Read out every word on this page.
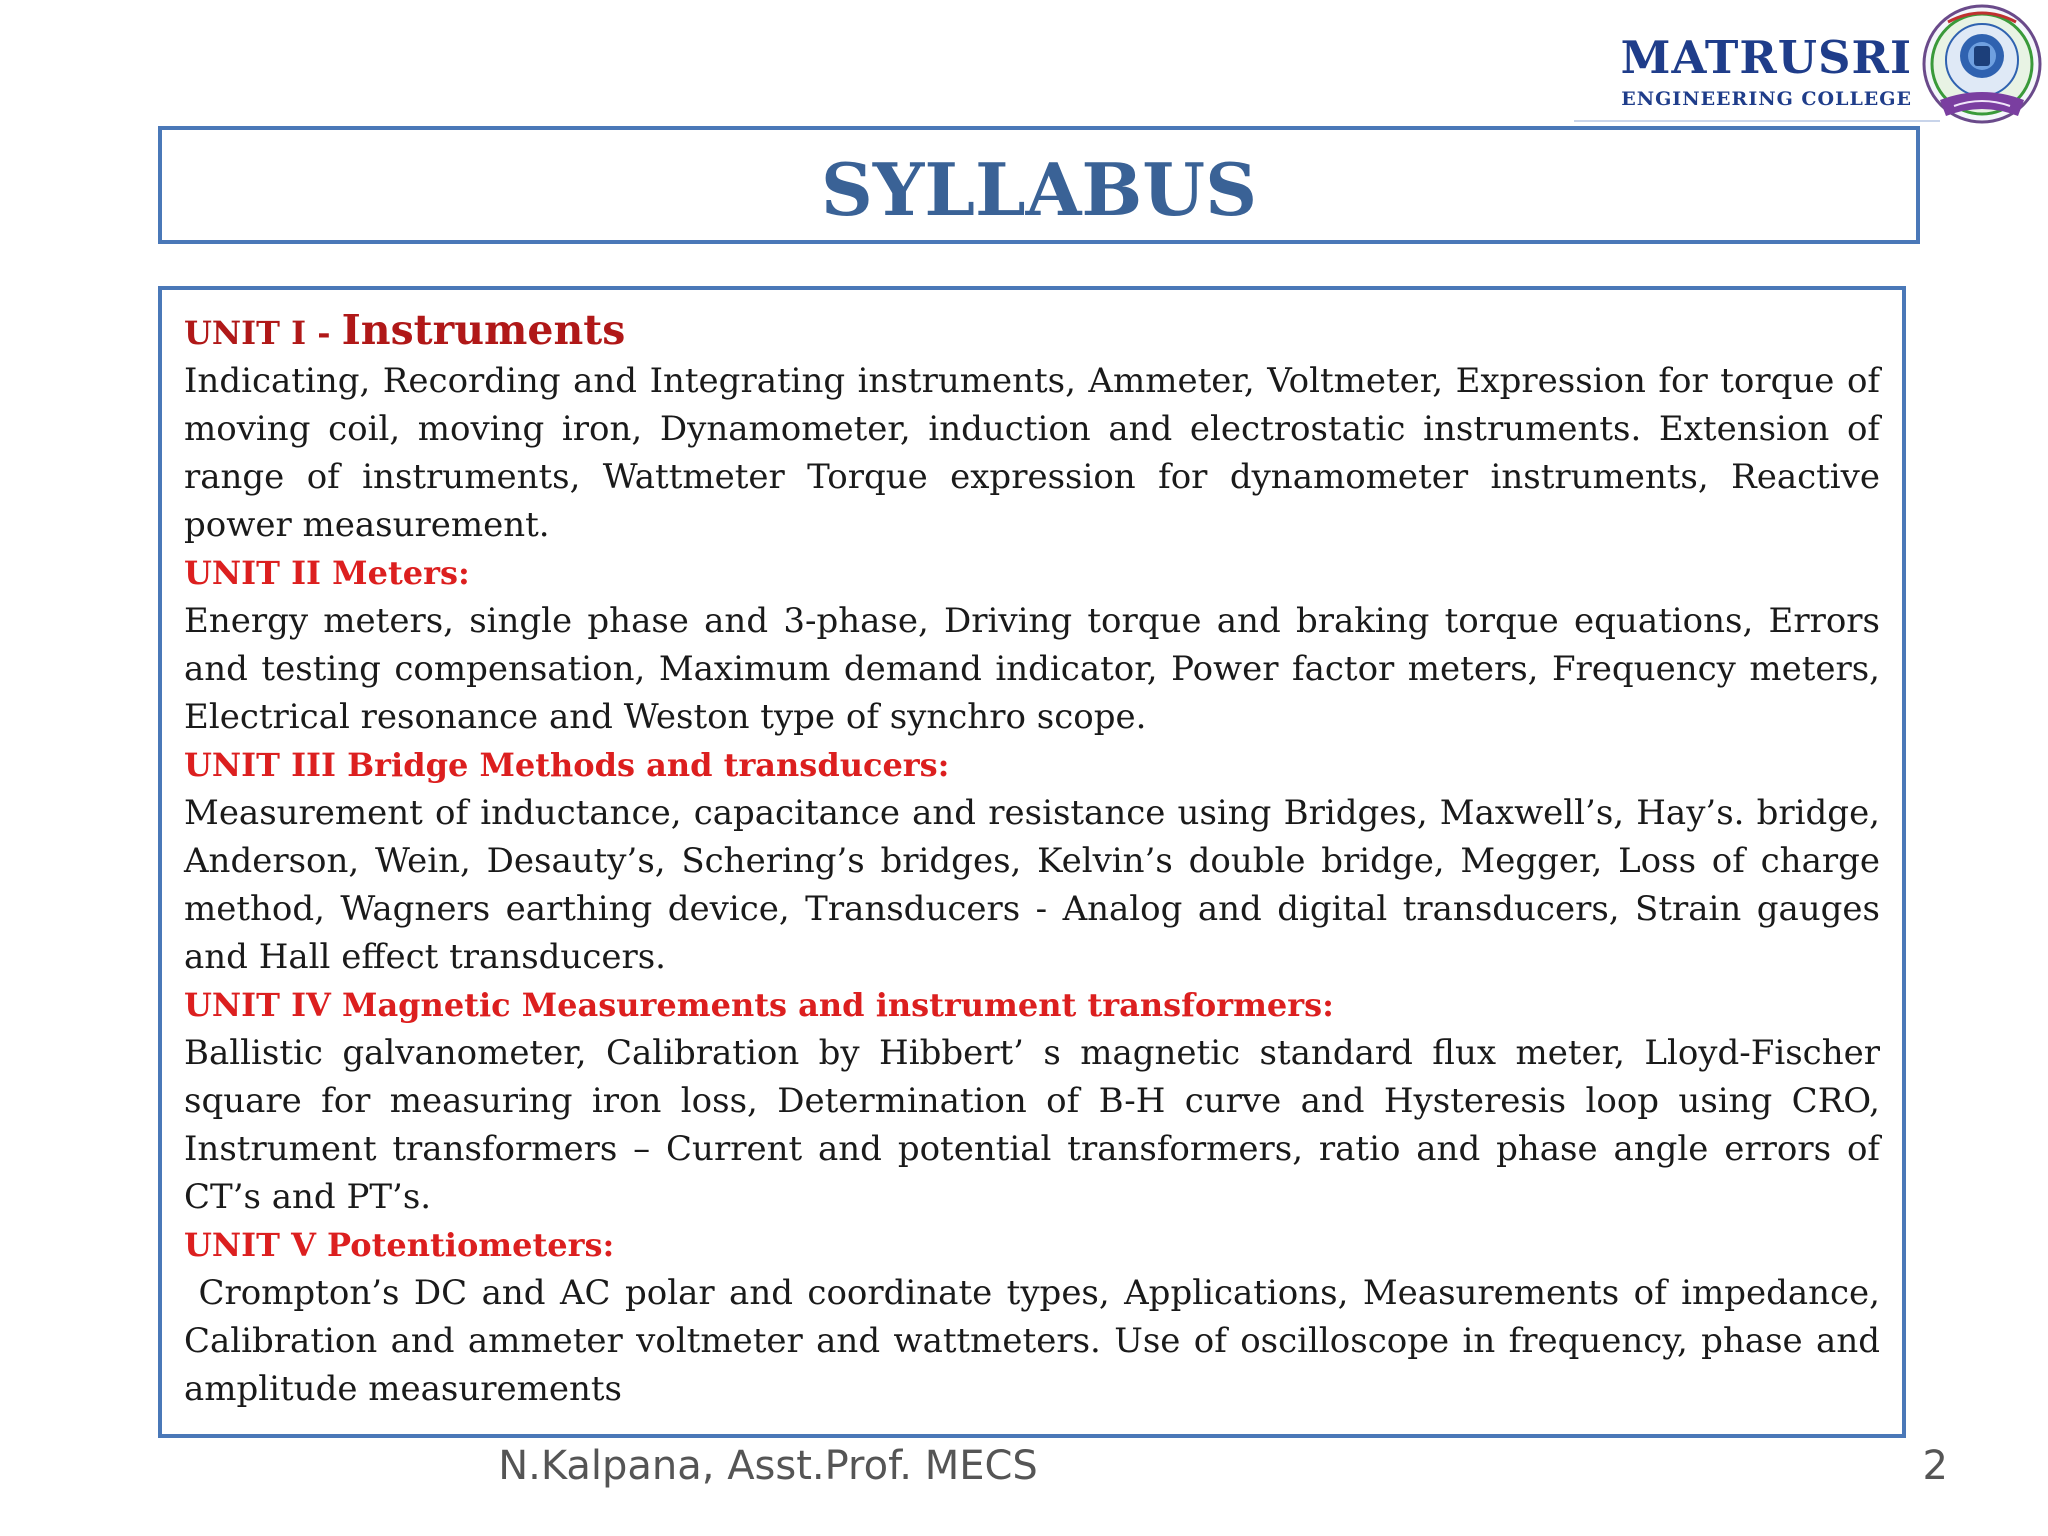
MATRUSRI
ENGINEERING COLLEGE
SYLLABUS
UNIT I - Instruments
Indicating, Recording and Integrating instruments, Ammeter, Voltmeter, Expression for torque of moving coil, moving iron, Dynamometer, induction and electrostatic instruments. Extension of range of instruments, Wattmeter Torque expression for dynamometer instruments, Reactive power measurement.
UNIT II Meters:
Energy meters, single phase and 3-phase, Driving torque and braking torque equations, Errors and testing compensation, Maximum demand indicator, Power factor meters, Frequency meters, Electrical resonance and Weston type of synchro scope.
UNIT III Bridge Methods and transducers:
Measurement of inductance, capacitance and resistance using Bridges, Maxwell’s, Hay’s. bridge, Anderson, Wein, Desauty’s, Schering’s bridges, Kelvin’s double bridge, Megger, Loss of charge method, Wagners earthing device, Transducers - Analog and digital transducers, Strain gauges and Hall effect transducers.
UNIT IV Magnetic Measurements and instrument transformers:
Ballistic galvanometer, Calibration by Hibbert’ s magnetic standard flux meter, Lloyd-Fischer square for measuring iron loss, Determination of B-H curve and Hysteresis loop using CRO, Instrument transformers – Current and potential transformers, ratio and phase angle errors of CT’s and PT’s.
UNIT V Potentiometers:
Crompton’s DC and AC polar and coordinate types, Applications, Measurements of impedance, Calibration and ammeter voltmeter and wattmeters. Use of oscilloscope in frequency, phase and amplitude measurements
N.Kalpana, Asst.Prof. MECS	2
